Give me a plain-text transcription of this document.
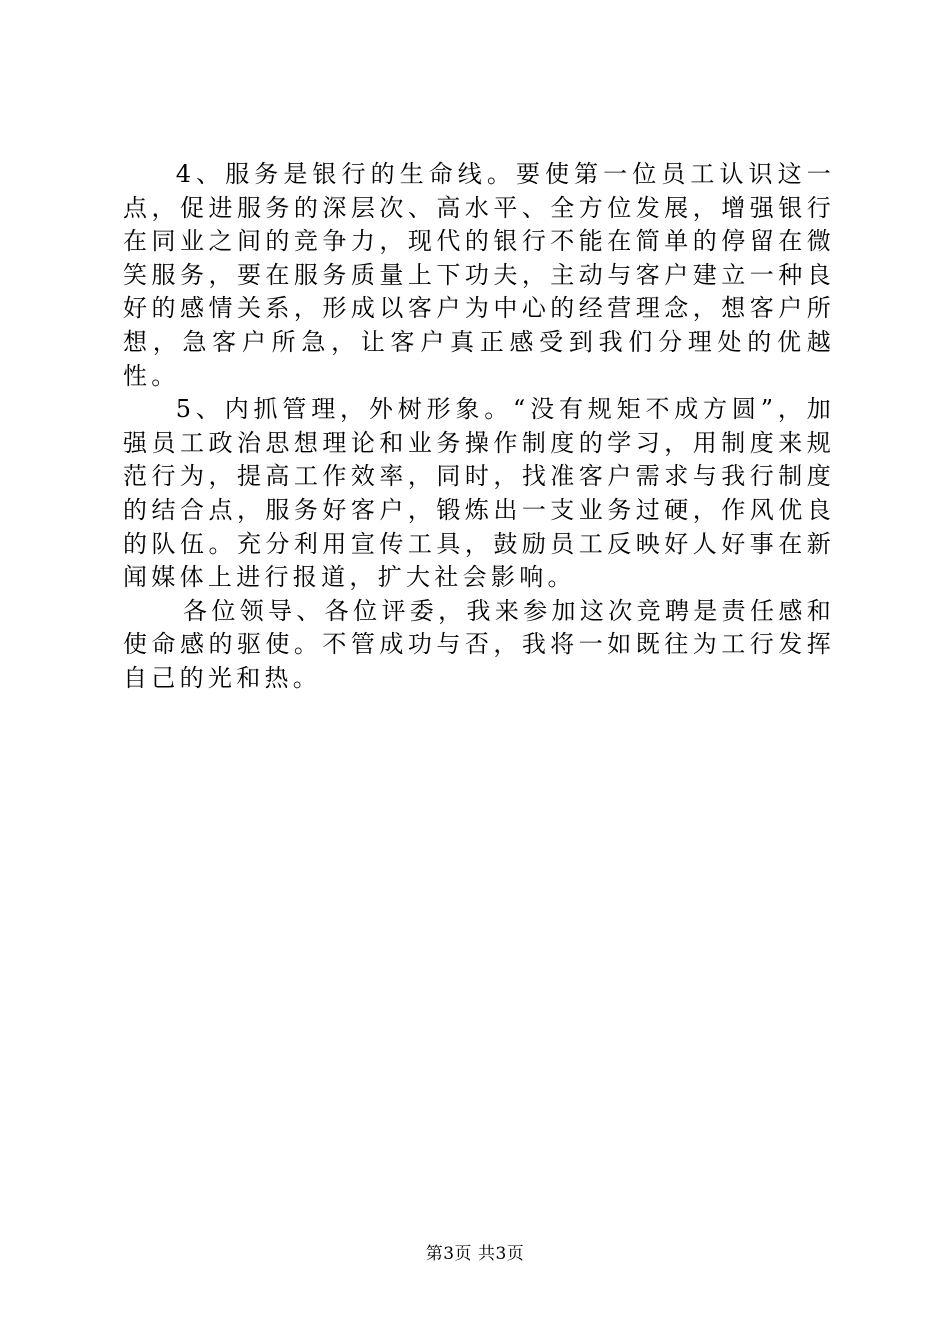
4、服务是银行的生命线。要使第一位员工认识这一点，促进服务的深层次、高水平、全方位发展，增强银行在同业之间的竞争力，现代的银行不能在简单的停留在微笑服务，要在服务质量上下功夫，主动与客户建立一种良好的感情关系，形成以客户为中心的经营理念，想客户所想，急客户所急，让客户真正感受到我们分理处的优越性。

5、内抓管理，外树形象。“没有规矩不成方圆”，加强员工政治思想理论和业务操作制度的学习，用制度来规范行为，提高工作效率，同时，找准客户需求与我行制度的结合点，服务好客户，锻炼出一支业务过硬，作风优良的队伍。充分利用宣传工具，鼓励员工反映好人好事在新闻媒体上进行报道，扩大社会影响。

各位领导、各位评委，我来参加这次竞聘是责任感和使命感的驱使。不管成功与否，我将一如既往为工行发挥自己的光和热。

第3页 共3页
